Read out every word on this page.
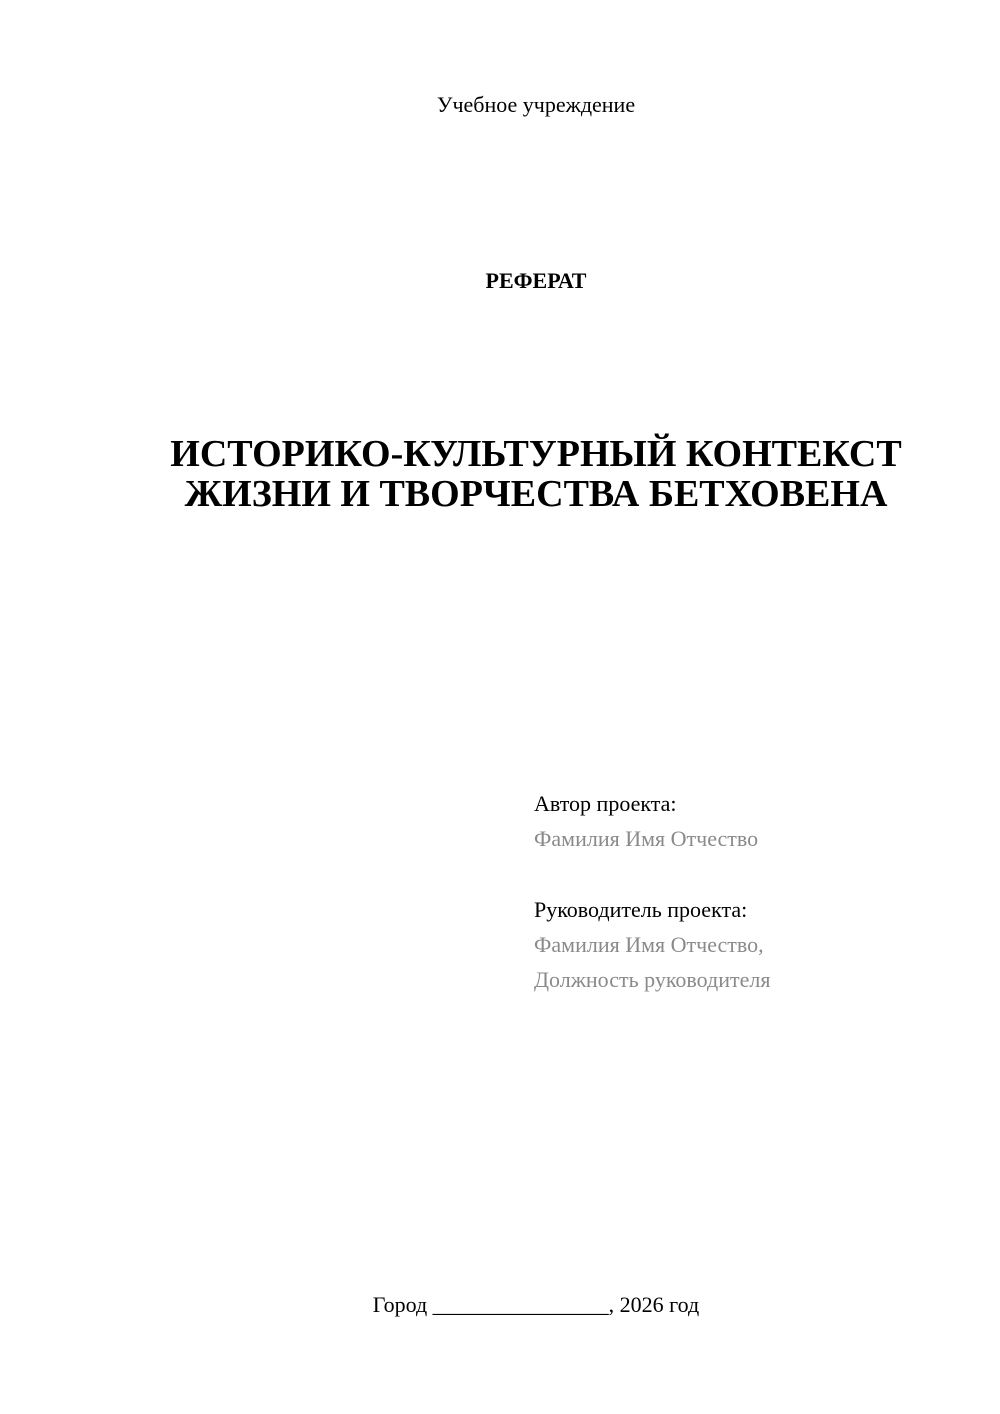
Учебное учреждение
РЕФЕРАТ
ИСТОРИКО-КУЛЬТУРНЫЙ КОНТЕКСТ
ЖИЗНИ И ТВОРЧЕСТВА БЕТХОВЕНА
Автор проекта:
Фамилия Имя Отчество
Руководитель проекта:
Фамилия Имя Отчество,
Должность руководителя
Город ________________, 2026 год
